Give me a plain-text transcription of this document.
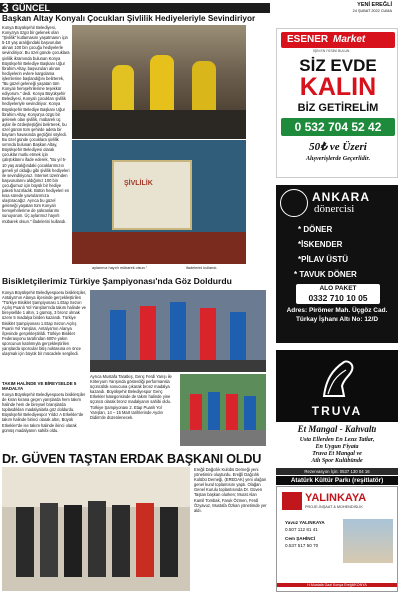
3 GÜNCEL	YENİ EREĞLİ
24 ŞUBAT 2022 CUMA
Başkan Altay Konyalı Çocukları Şivlilik Hediyeleriyle Sevindiriyor
Konya Büyükşehir Belediyesi, Konya'ya özgü bir gelenek olan "Şivlilik" kutlamasını yaşatmanın için 5-10 yaş aralığındaki başvuruları alınan 100 bin çocuğu hediyelerle sevindiriyor. Bu özel günde çocuklara şivlilik ikramında bulunan Konya Büyükşehir Belediye Başkanı Uğur İbrahim Altay, başvuruları alınan hediyelerin evlere kargolama işlemlerine başlandığını belirterek, "Bu güzel geleneği yaşatan tüm Konyalı hemşehrilerime teşekkür ediyorum." dedi. Konya Büyükşehir Belediyesi, Konyalı çocukları şivlilik hediyeleriyle sevindiriyor. Konya Büyükşehir Belediye Başkanı Uğur İbrahim Altay, Konya'ya özgü bir gelenek olan şivlilik, mübarek üç aylar ile özdeşleştiğini belirterek, bu özel günün tüm şehirde adeta bir bayram havasında geçtiğini söyledi. Bu özel günde çocuklara şivlilik sırrında bulunan Başkan Altay, Büyükşehir Belediyesi olarak çocuklar mutlu etmek için çalıştıklarını ifade ederek, "Bu yıl 5-10 yaş aralığındaki çocuklarımızın geneli yıl olduğu gibi şivlilik hediyeleri ile sevindiriyoruz. İnternet üzerinden başvurularını aldığımız 100 bin çocuğumuz için büyük bir hediye paketi hazırladık. Bütün hediyeleri en kısa sürede yavrularımıza ulaştıracağız. Ayrıca bu güzel geleneği yaşatan tüm Konyalı hemşehrilerime de şükranlarımı sunuyorum. Üç aylarımız hayırlı mübarek olsun." ifadelerini kullandı.
ŞİVLİLİK
aylarımız hayırlı mübarek olsun."	ifadelerini kullandı.
Bisikletçilerimiz Türkiye Şampiyonası'nda Göz Doldurdu
Konya Büyükşehir Belediyespoetu bisikletçiler, Antalya'nın Alanya ilçesinde gerçekleştirilen "Türkiye Bisiklet Şampiyonası 1.Etap Sezon Açılış Puanlı Yol Yarışları'nda takım halinde ve bireysellde 1 altın, 1 gümüş, 3 bronz olmak üzere 5 madalya birden kazandı. Türkiye Bisiklet Şampiyonası 1.Etap Sezon Açılış Puanlı Yol Yarışları, Antalya'nın Alanya ilçesinde gerçekleştirildi. Türkiye Bisiklet Federasyonu tarafından 600'e yakın sporcunun katılımıyla gerçekleştirilen yarışlarda sporcular bitiş noktasına en önce ulaşmak için büyük bir mücadele sergiledi.
TAKIM HALİNDE VE BİREYSELDE 5 MADALYA
Konya Büyükşehir Belediyespoetu bisikletçiler de kıran kırana geçen yarışlarda hem takım halinde hem de bireysel branşlarda toplasdıkları madalyalarla göz doldurdu. Büyükşehir Belediyespor Yıldız A Erkekler'de takım halinde birinci olarak altın, Büyük Erkekler'de ise takım halinde ikinci olarak gümüş madalyanın sahibi oldu.
Ayrıca Mustafa Taratkış, Genç Ferdi Yarışı ile Kriteryum Yarışında gösterdiği performansla üçüncülük sonucuna çıkarak bronz madalya kazandı. Büyükşehir Belediyespor Genç Erkekler kategorisinde de takım halinde yine üçüncü olarak bronz madalyanın sahibi oldu. Türkiye Şampiyonası 2. Etap Puanlı Yol Yarışları, 14 – 15 Mart tarihlerinde Aydın Didim'de düzenlenecek.
Dr. GÜVEN TAŞTAN ERDAK BAŞKANI OLDU
Ereğli Dağcılık Kulübü Derneği yeni yönetimini oluşturdu. Ereğli Dağcılık Kulübü Derneği, (EREDAK) yeni olağan genel kurul toplantısını yaptı. Olağan Genel Kurulu toplantısında Dr. Güven Taştan başkan olurken; Murat Alan Kamil Tombak, Faruk Özmen, Ferdi Özyavuz, Mustafa Özkan yönetimde yer aldı.
ESENER Market
İŞİN EN İYİSİNİ BULUN
SİZ EVDE
KALIN
BİZ GETİRELİM
0 532 704 52 42
50₺ ve Üzeri
Alışverişlerde Geçerlidir.
ANKARA
dönercisi
* DÖNER
*İSKENDER
*PİLAV ÜSTÜ
* TAVUK DÖNER
ALO PAKET
0332 710 10 05
Adres: Pirömer Mah. Üçgöz Cad. Türkay İşhanı Altı No: 12/D
TRUVA
Et Mangal - Kahvaltı
Usta Ellerden En Lezız Tatlar,
En Uygun Fiyata
Truva Et Mangal ve
Atlı Spor Kulübünde
Rezervasyon İçin: 0537 130 04 16
Atatürk Kültür Parkı (reşitlatör)
YALINKAYA
PROJE-İNŞAAT & MÜHENDİSLİK
Yavuz YALINKAYA
0.507 112 81 41
Cem ŞAHİNCİ
0.537 517 50 70
H.Mustafa Gazi Konya Ereğli/KONYA
